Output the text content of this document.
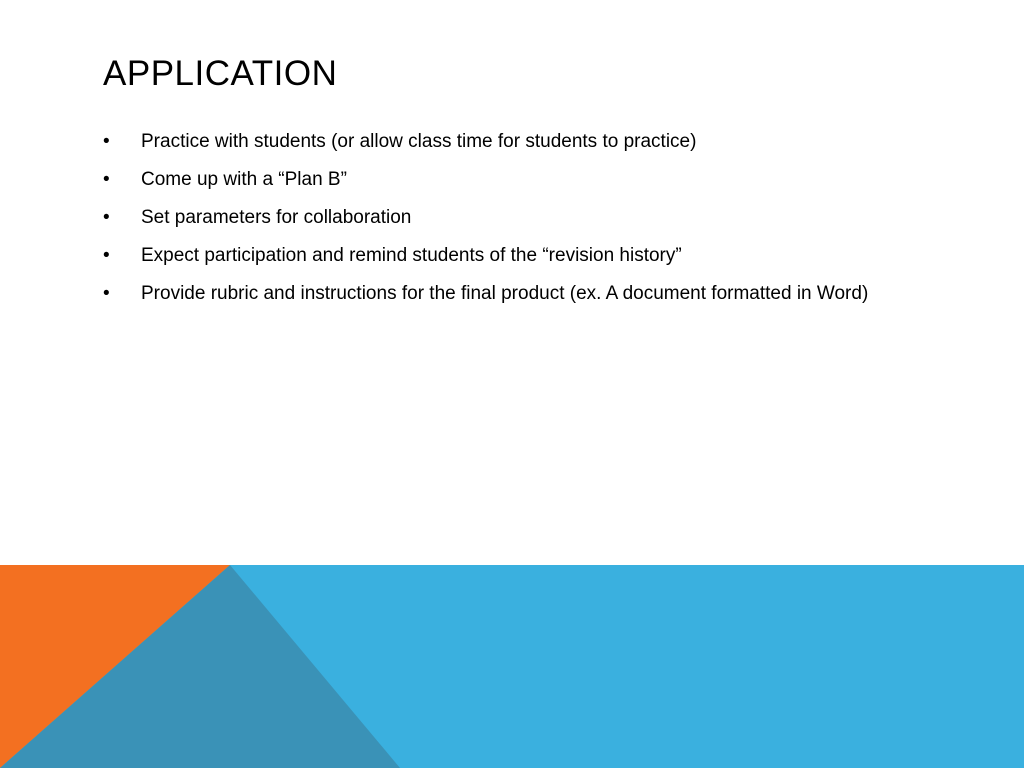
APPLICATION
•	Practice with students (or allow class time for students to practice)
•	Come up with a “Plan B”
•	Set parameters for collaboration
•	Expect participation and remind students of the “revision history”
•	Provide rubric and instructions for the final product (ex. A document formatted in Word)
